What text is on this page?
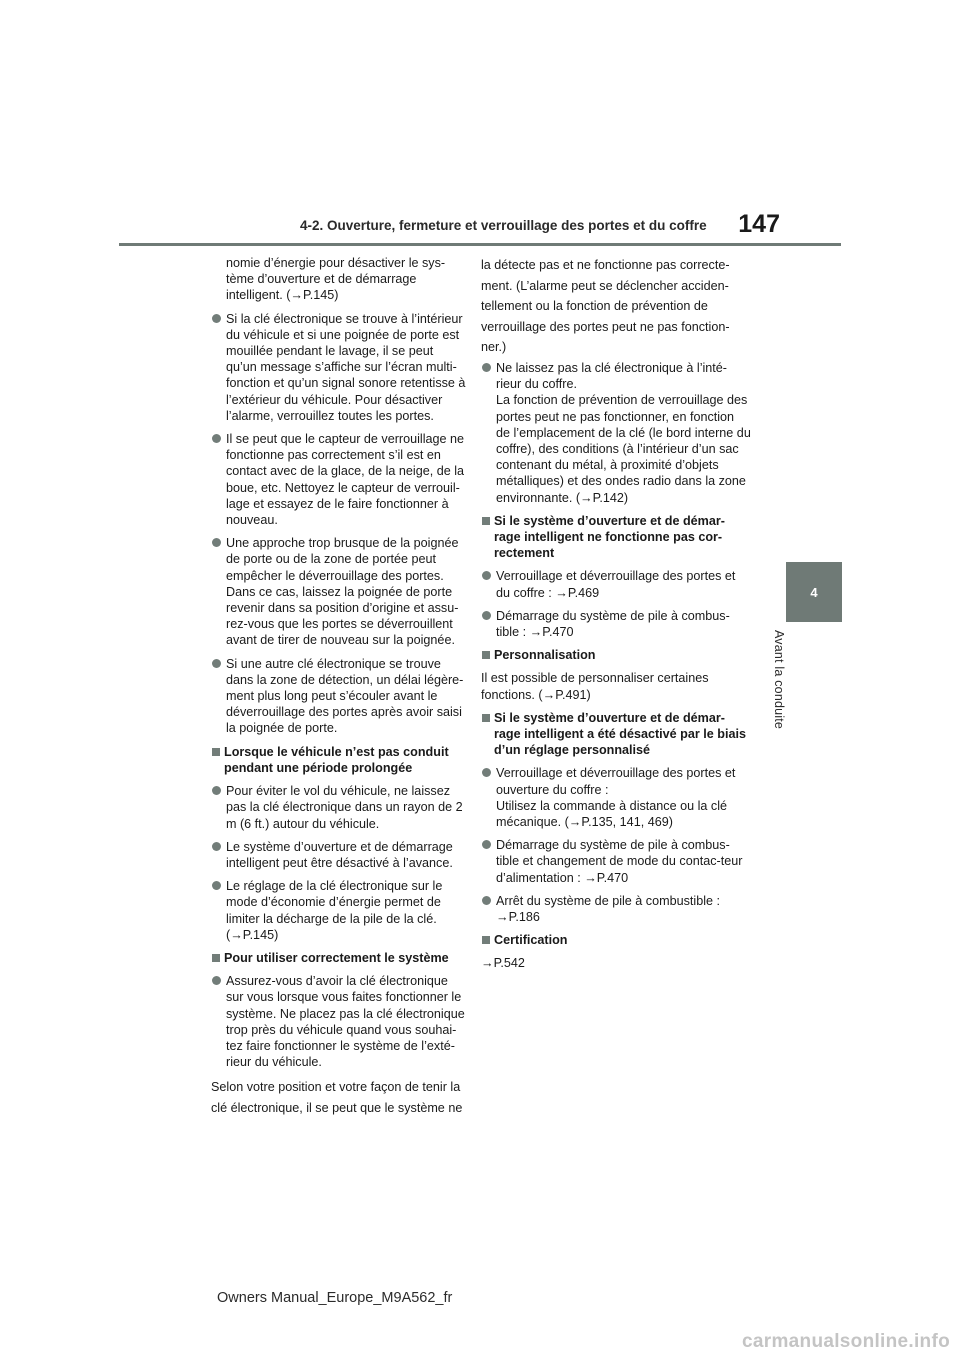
4-2. Ouverture, fermeture et verrouillage des portes et du coffre	147
4
Avant la conduite
nomie d’énergie pour désactiver le sys-tème d’ouverture et de démarrage intelligent. (→P.145)
Si la clé électronique se trouve à l’intérieur du véhicule et si une poignée de porte est mouillée pendant le lavage, il se peut qu’un message s’affiche sur l’écran multi-fonction et qu’un signal sonore retentisse à l’extérieur du véhicule. Pour désactiver l’alarme, verrouillez toutes les portes.
Il se peut que le capteur de verrouillage ne fonctionne pas correctement s’il est en contact avec de la glace, de la neige, de la boue, etc. Nettoyez le capteur de verrouil-lage et essayez de le faire fonctionner à nouveau.
Une approche trop brusque de la poignée de porte ou de la zone de portée peut empêcher le déverrouillage des portes. Dans ce cas, laissez la poignée de porte revenir dans sa position d’origine et assu-rez-vous que les portes se déverrouillent avant de tirer de nouveau sur la poignée.
Si une autre clé électronique se trouve dans la zone de détection, un délai légère-ment plus long peut s’écouler avant le déverrouillage des portes après avoir saisi la poignée de porte.
Lorsque le véhicule n’est pas conduit pendant une période prolongée
Pour éviter le vol du véhicule, ne laissez pas la clé électronique dans un rayon de 2 m (6 ft.) autour du véhicule.
Le système d’ouverture et de démarrage intelligent peut être désactivé à l’avance.
Le réglage de la clé électronique sur le mode d’économie d’énergie permet de limiter la décharge de la pile de la clé. (→P.145)
Pour utiliser correctement le système
Assurez-vous d’avoir la clé électronique sur vous lorsque vous faites fonctionner le système. Ne placez pas la clé électronique trop près du véhicule quand vous souhai-tez faire fonctionner le système de l’exté-rieur du véhicule.
Selon votre position et votre façon de tenir la clé électronique, il se peut que le système ne
la détecte pas et ne fonctionne pas correcte-ment. (L’alarme peut se déclencher acciden-tellement ou la fonction de prévention de verrouillage des portes peut ne pas fonction-ner.)
Ne laissez pas la clé électronique à l’inté-rieur du coffre.
La fonction de prévention de verrouillage des portes peut ne pas fonctionner, en fonction de l’emplacement de la clé (le bord interne du coffre), des conditions (à l’intérieur d’un sac contenant du métal, à proximité d’objets métalliques) et des ondes radio dans la zone environnante. (→P.142)
Si le système d’ouverture et de démar-rage intelligent ne fonctionne pas cor-rectement
Verrouillage et déverrouillage des portes et du coffre : →P.469
Démarrage du système de pile à combus-tible : →P.470
Personnalisation
Il est possible de personnaliser certaines fonctions. (→P.491)
Si le système d’ouverture et de démar-rage intelligent a été désactivé par le biais d’un réglage personnalisé
Verrouillage et déverrouillage des portes et ouverture du coffre :
Utilisez la commande à distance ou la clé mécanique. (→P.135, 141, 469)
Démarrage du système de pile à combus-tible et changement de mode du contac-teur d’alimentation : →P.470
Arrêt du système de pile à combustible : →P.186
Certification
→P.542
Owners Manual_Europe_M9A562_fr
carmanualsonline.info
